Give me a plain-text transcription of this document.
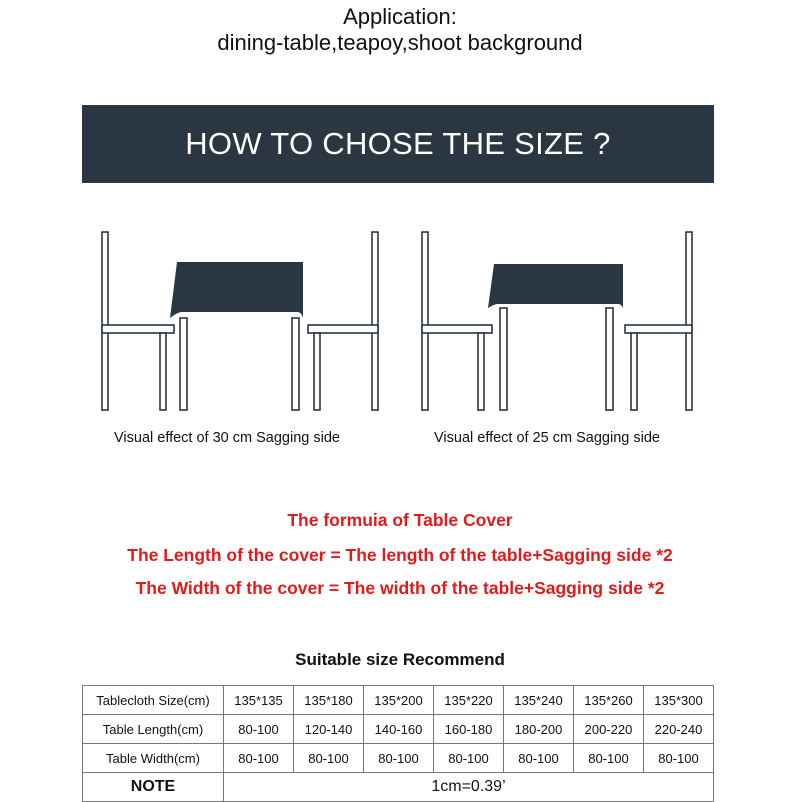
Application:
dining-table,teapoy,shoot background
HOW TO CHOSE THE SIZE ?
Visual effect of 30 cm Sagging side	Visual effect of 25 cm Sagging side
The formuia of Table Cover
The Length of the cover = The length of the table+Sagging side *2
The Width of the cover = The width of the table+Sagging side *2
Suitable size Recommend
Tablecloth Size(cm)	135*135	135*180	135*200	135*220	135*240	135*260	135*300
Table Length(cm)	80-100	120-140	140-160	160-180	180-200	200-220	220-240
Table Width(cm)	80-100	80-100	80-100	80-100	80-100	80-100	80-100
NOTE	1cm=0.39’						
